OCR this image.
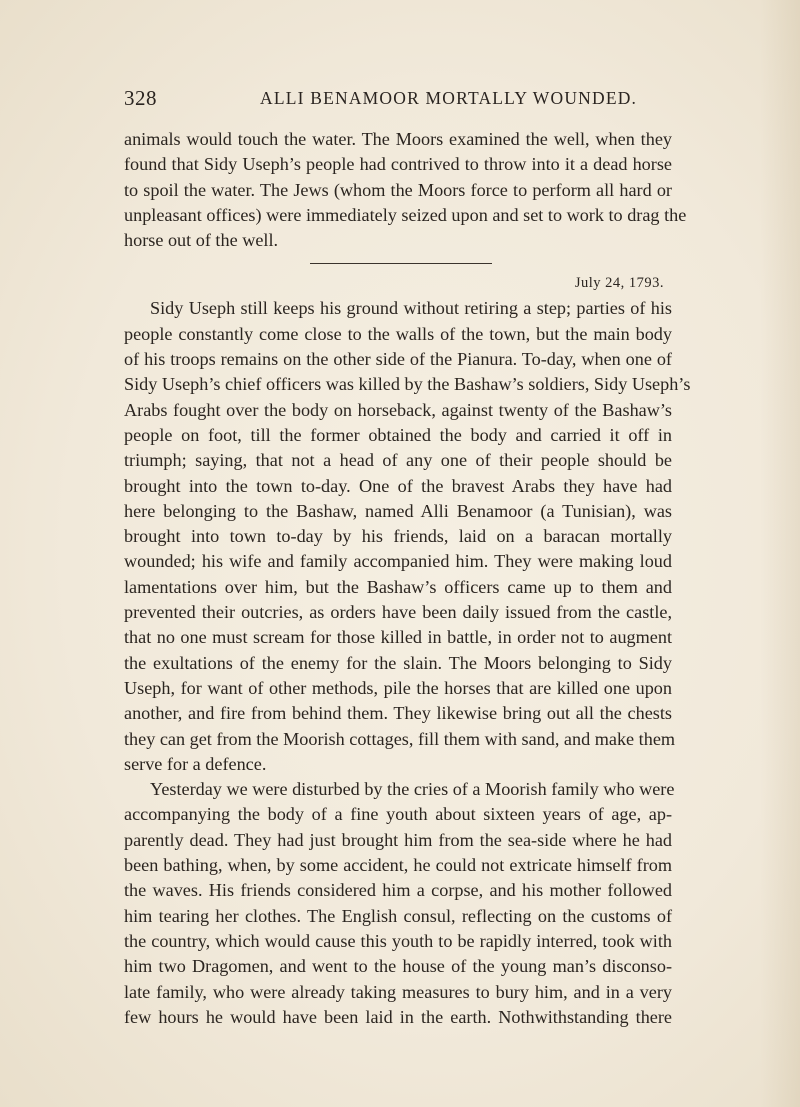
328	ALLI BENAMOOR MORTALLY WOUNDED.
animals would touch the water. The Moors examined the well, when they
found that Sidy Useph’s people had contrived to throw into it a dead horse
to spoil the water. The Jews (whom the Moors force to perform all hard or
unpleasant offices) were immediately seized upon and set to work to drag the
horse out of the well.
July 24, 1793.
Sidy Useph still keeps his ground without retiring a step; parties of his
people constantly come close to the walls of the town, but the main body
of his troops remains on the other side of the Pianura. To-day, when one of
Sidy Useph’s chief officers was killed by the Bashaw’s soldiers, Sidy Useph’s
Arabs fought over the body on horseback, against twenty of the Bashaw’s
people on foot, till the former obtained the body and carried it off in
triumph; saying, that not a head of any one of their people should be
brought into the town to-day. One of the bravest Arabs they have had
here belonging to the Bashaw, named Alli Benamoor (a Tunisian), was
brought into town to-day by his friends, laid on a baracan mortally
wounded; his wife and family accompanied him. They were making loud
lamentations over him, but the Bashaw’s officers came up to them and
prevented their outcries, as orders have been daily issued from the castle,
that no one must scream for those killed in battle, in order not to augment
the exultations of the enemy for the slain. The Moors belonging to Sidy
Useph, for want of other methods, pile the horses that are killed one upon
another, and fire from behind them. They likewise bring out all the chests
they can get from the Moorish cottages, fill them with sand, and make them
serve for a defence.
Yesterday we were disturbed by the cries of a Moorish family who were
accompanying the body of a fine youth about sixteen years of age, ap-
parently dead. They had just brought him from the sea-side where he had
been bathing, when, by some accident, he could not extricate himself from
the waves. His friends considered him a corpse, and his mother followed
him tearing her clothes. The English consul, reflecting on the customs of
the country, which would cause this youth to be rapidly interred, took with
him two Dragomen, and went to the house of the young man’s disconso-
late family, who were already taking measures to bury him, and in a very
few hours he would have been laid in the earth. Nothwithstanding there
